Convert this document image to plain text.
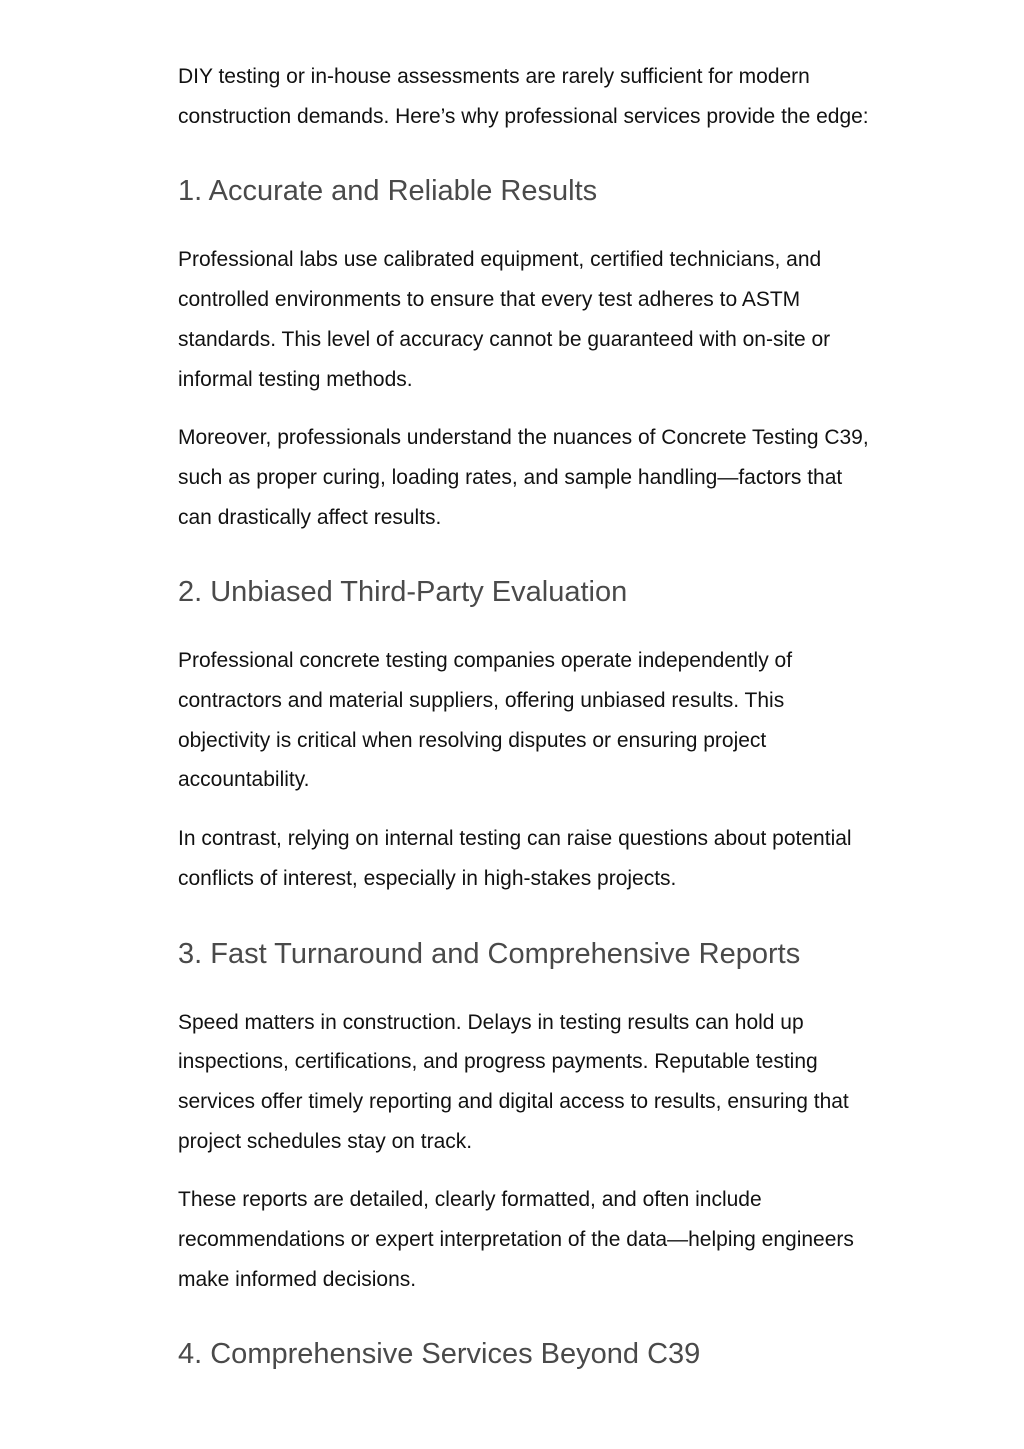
DIY testing or in-house assessments are rarely sufficient for modern construction demands. Here’s why professional services provide the edge:

1. Accurate and Reliable Results

Professional labs use calibrated equipment, certified technicians, and controlled environments to ensure that every test adheres to ASTM standards. This level of accuracy cannot be guaranteed with on-site or informal testing methods.

Moreover, professionals understand the nuances of Concrete Testing C39, such as proper curing, loading rates, and sample handling—factors that can drastically affect results.

2. Unbiased Third-Party Evaluation

Professional concrete testing companies operate independently of contractors and material suppliers, offering unbiased results. This objectivity is critical when resolving disputes or ensuring project accountability.

In contrast, relying on internal testing can raise questions about potential conflicts of interest, especially in high-stakes projects.

3. Fast Turnaround and Comprehensive Reports

Speed matters in construction. Delays in testing results can hold up inspections, certifications, and progress payments. Reputable testing services offer timely reporting and digital access to results, ensuring that project schedules stay on track.

These reports are detailed, clearly formatted, and often include recommendations or expert interpretation of the data—helping engineers make informed decisions.

4. Comprehensive Services Beyond C39
